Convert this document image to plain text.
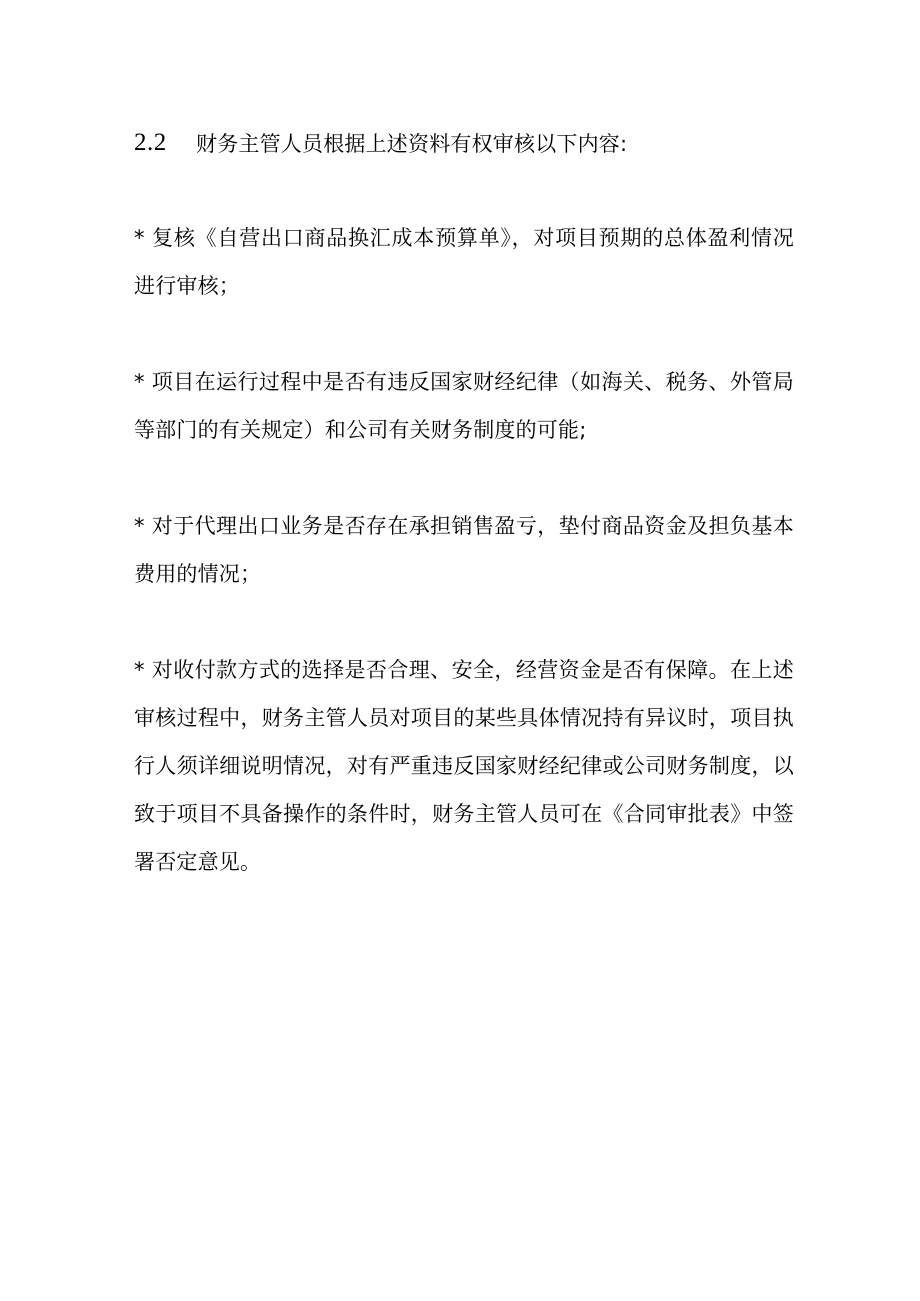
2.2	财务主管人员根据上述资料有权审核以下内容:

* 复核《自营出口商品换汇成本预算单》，对项目预期的总体盈利情况进行审核；

* 项目在运行过程中是否有违反国家财经纪律（如海关、税务、外管局等部门的有关规定）和公司有关财务制度的可能;

* 对于代理出口业务是否存在承担销售盈亏，垫付商品资金及担负基本费用的情况；

* 对收付款方式的选择是否合理、安全，经营资金是否有保障。在上述审核过程中，财务主管人员对项目的某些具体情况持有异议时，项目执行人须详细说明情况，对有严重违反国家财经纪律或公司财务制度，以致于项目不具备操作的条件时，财务主管人员可在《合同审批表》中签署否定意见。
